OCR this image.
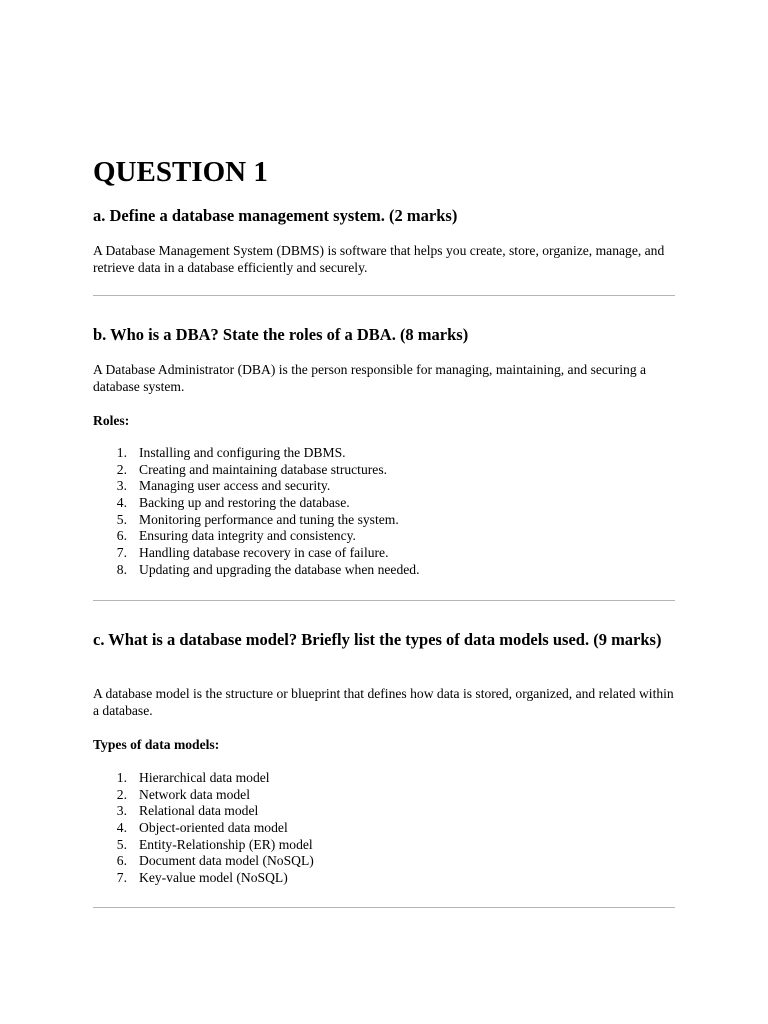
QUESTION 1
a. Define a database management system. (2 marks)

A Database Management System (DBMS) is software that helps you create, store, organize, manage, and retrieve data in a database efficiently and securely.

b. Who is a DBA? State the roles of a DBA. (8 marks)

A Database Administrator (DBA) is the person responsible for managing, maintaining, and securing a database system.

Roles:
1. Installing and configuring the DBMS.
2. Creating and maintaining database structures.
3. Managing user access and security.
4. Backing up and restoring the database.
5. Monitoring performance and tuning the system.
6. Ensuring data integrity and consistency.
7. Handling database recovery in case of failure.
8. Updating and upgrading the database when needed.
c. What is a database model? Briefly list the types of data models used. (9 marks)

A database model is the structure or blueprint that defines how data is stored, organized, and related within a database.

Types of data models:
1. Hierarchical data model
2. Network data model
3. Relational data model
4. Object-oriented data model
5. Entity-Relationship (ER) model
6. Document data model (NoSQL)
7. Key-value model (NoSQL)
